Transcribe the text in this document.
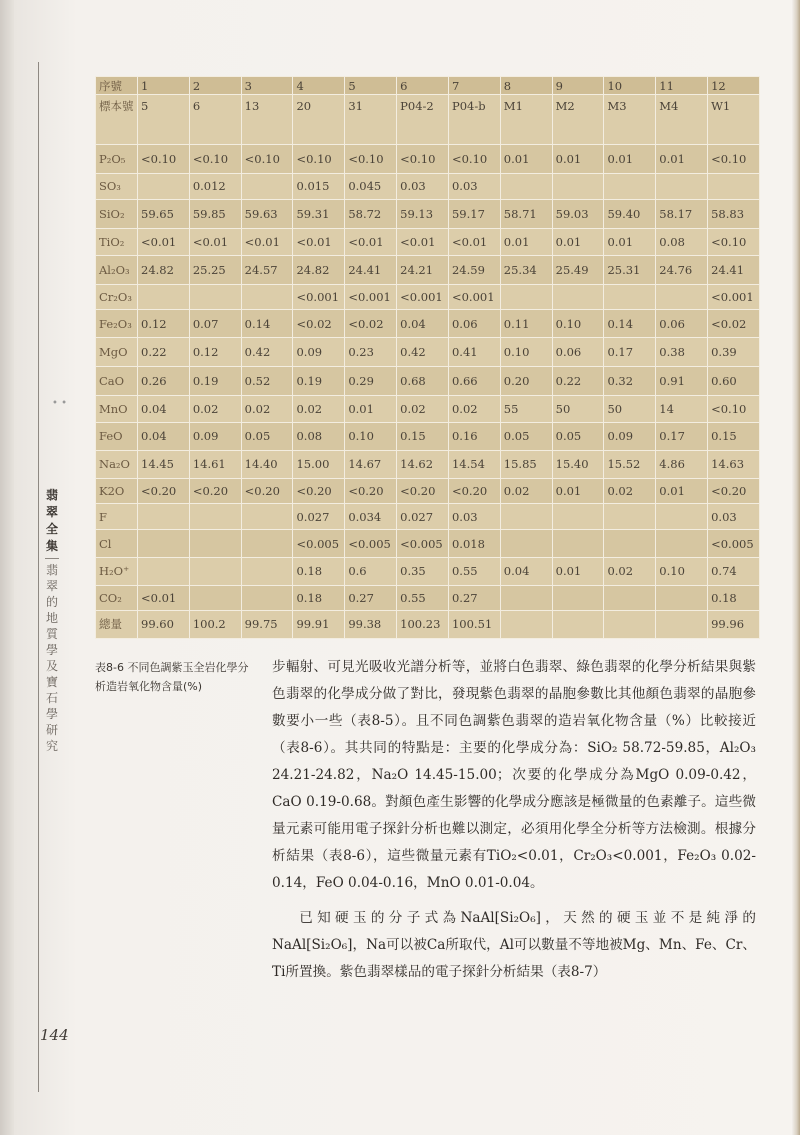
• •
翡
翠
全
集
翡
翠
的
地
質
學
及
寶
石
學
研
究
序號	1	2	3	4	5	6	7	8	9	10	11	12
標本號	5	6	13	20	31	P04-2	P04-b	M1	M2	M3	M4	W1
P₂O₅	<0.10	<0.10	<0.10	<0.10	<0.10	<0.10	<0.10	0.01	0.01	0.01	0.01	<0.10
SO₃		0.012		0.015	0.045	0.03	0.03					
SiO₂	59.65	59.85	59.63	59.31	58.72	59.13	59.17	58.71	59.03	59.40	58.17	58.83
TiO₂	<0.01	<0.01	<0.01	<0.01	<0.01	<0.01	<0.01	0.01	0.01	0.01	0.08	<0.10
Al₂O₃	24.82	25.25	24.57	24.82	24.41	24.21	24.59	25.34	25.49	25.31	24.76	24.41
Cr₂O₃				<0.001	<0.001	<0.001	<0.001					<0.001
Fe₂O₃	0.12	0.07	0.14	<0.02	<0.02	0.04	0.06	0.11	0.10	0.14	0.06	<0.02
MgO	0.22	0.12	0.42	0.09	0.23	0.42	0.41	0.10	0.06	0.17	0.38	0.39
CaO	0.26	0.19	0.52	0.19	0.29	0.68	0.66	0.20	0.22	0.32	0.91	0.60
MnO	0.04	0.02	0.02	0.02	0.01	0.02	0.02	55	50	50	14	<0.10
FeO	0.04	0.09	0.05	0.08	0.10	0.15	0.16	0.05	0.05	0.09	0.17	0.15
Na₂O	14.45	14.61	14.40	15.00	14.67	14.62	14.54	15.85	15.40	15.52	4.86	14.63
K2O	<0.20	<0.20	<0.20	<0.20	<0.20	<0.20	<0.20	0.02	0.01	0.02	0.01	<0.20
F				0.027	0.034	0.027	0.03					0.03
Cl				<0.005	<0.005	<0.005	0.018					<0.005
H₂O⁺				0.18	0.6	0.35	0.55	0.04	0.01	0.02	0.10	0.74
CO₂	<0.01			0.18	0.27	0.55	0.27					0.18
總量	99.60	100.2	99.75	99.91	99.38	100.23	100.51					99.96
表8-6 不同色調紫玉全岩化學分析造岩氧化物含量(%)

步輻射、可見光吸收光譜分析等，並將白色翡翠、綠色翡翠的化學分析結果與紫色翡翠的化學成分做了對比，發現紫色翡翠的晶胞參數比其他顏色翡翠的晶胞參數要小一些（表8-5）。且不同色調紫色翡翠的造岩氧化物含量（%）比較接近（表8-6）。其共同的特點是：主要的化學成分為：SiO₂ 58.72-59.85，Al₂O₃ 24.21-24.82，Na₂O 14.45-15.00；次要的化學成分為MgO 0.09-0.42，CaO 0.19-0.68。對顏色產生影響的化學成分應該是極微量的色素離子。這些微量元素可能用電子探針分析也難以測定，必須用化學全分析等方法檢測。根據分析結果（表8-6），這些微量元素有TiO₂<0.01，Cr₂O₃<0.001，Fe₂O₃ 0.02-0.14，FeO 0.04-0.16，MnO 0.01-0.04。

已知硬玉的分子式為NaAl[Si₂O₆]，天然的硬玉並不是純淨的NaAl[Si₂O₆]，Na可以被Ca所取代，Al可以數量不等地被Mg、Mn、Fe、Cr、Ti所置換。紫色翡翠樣品的電子探針分析結果（表8-7）

144
